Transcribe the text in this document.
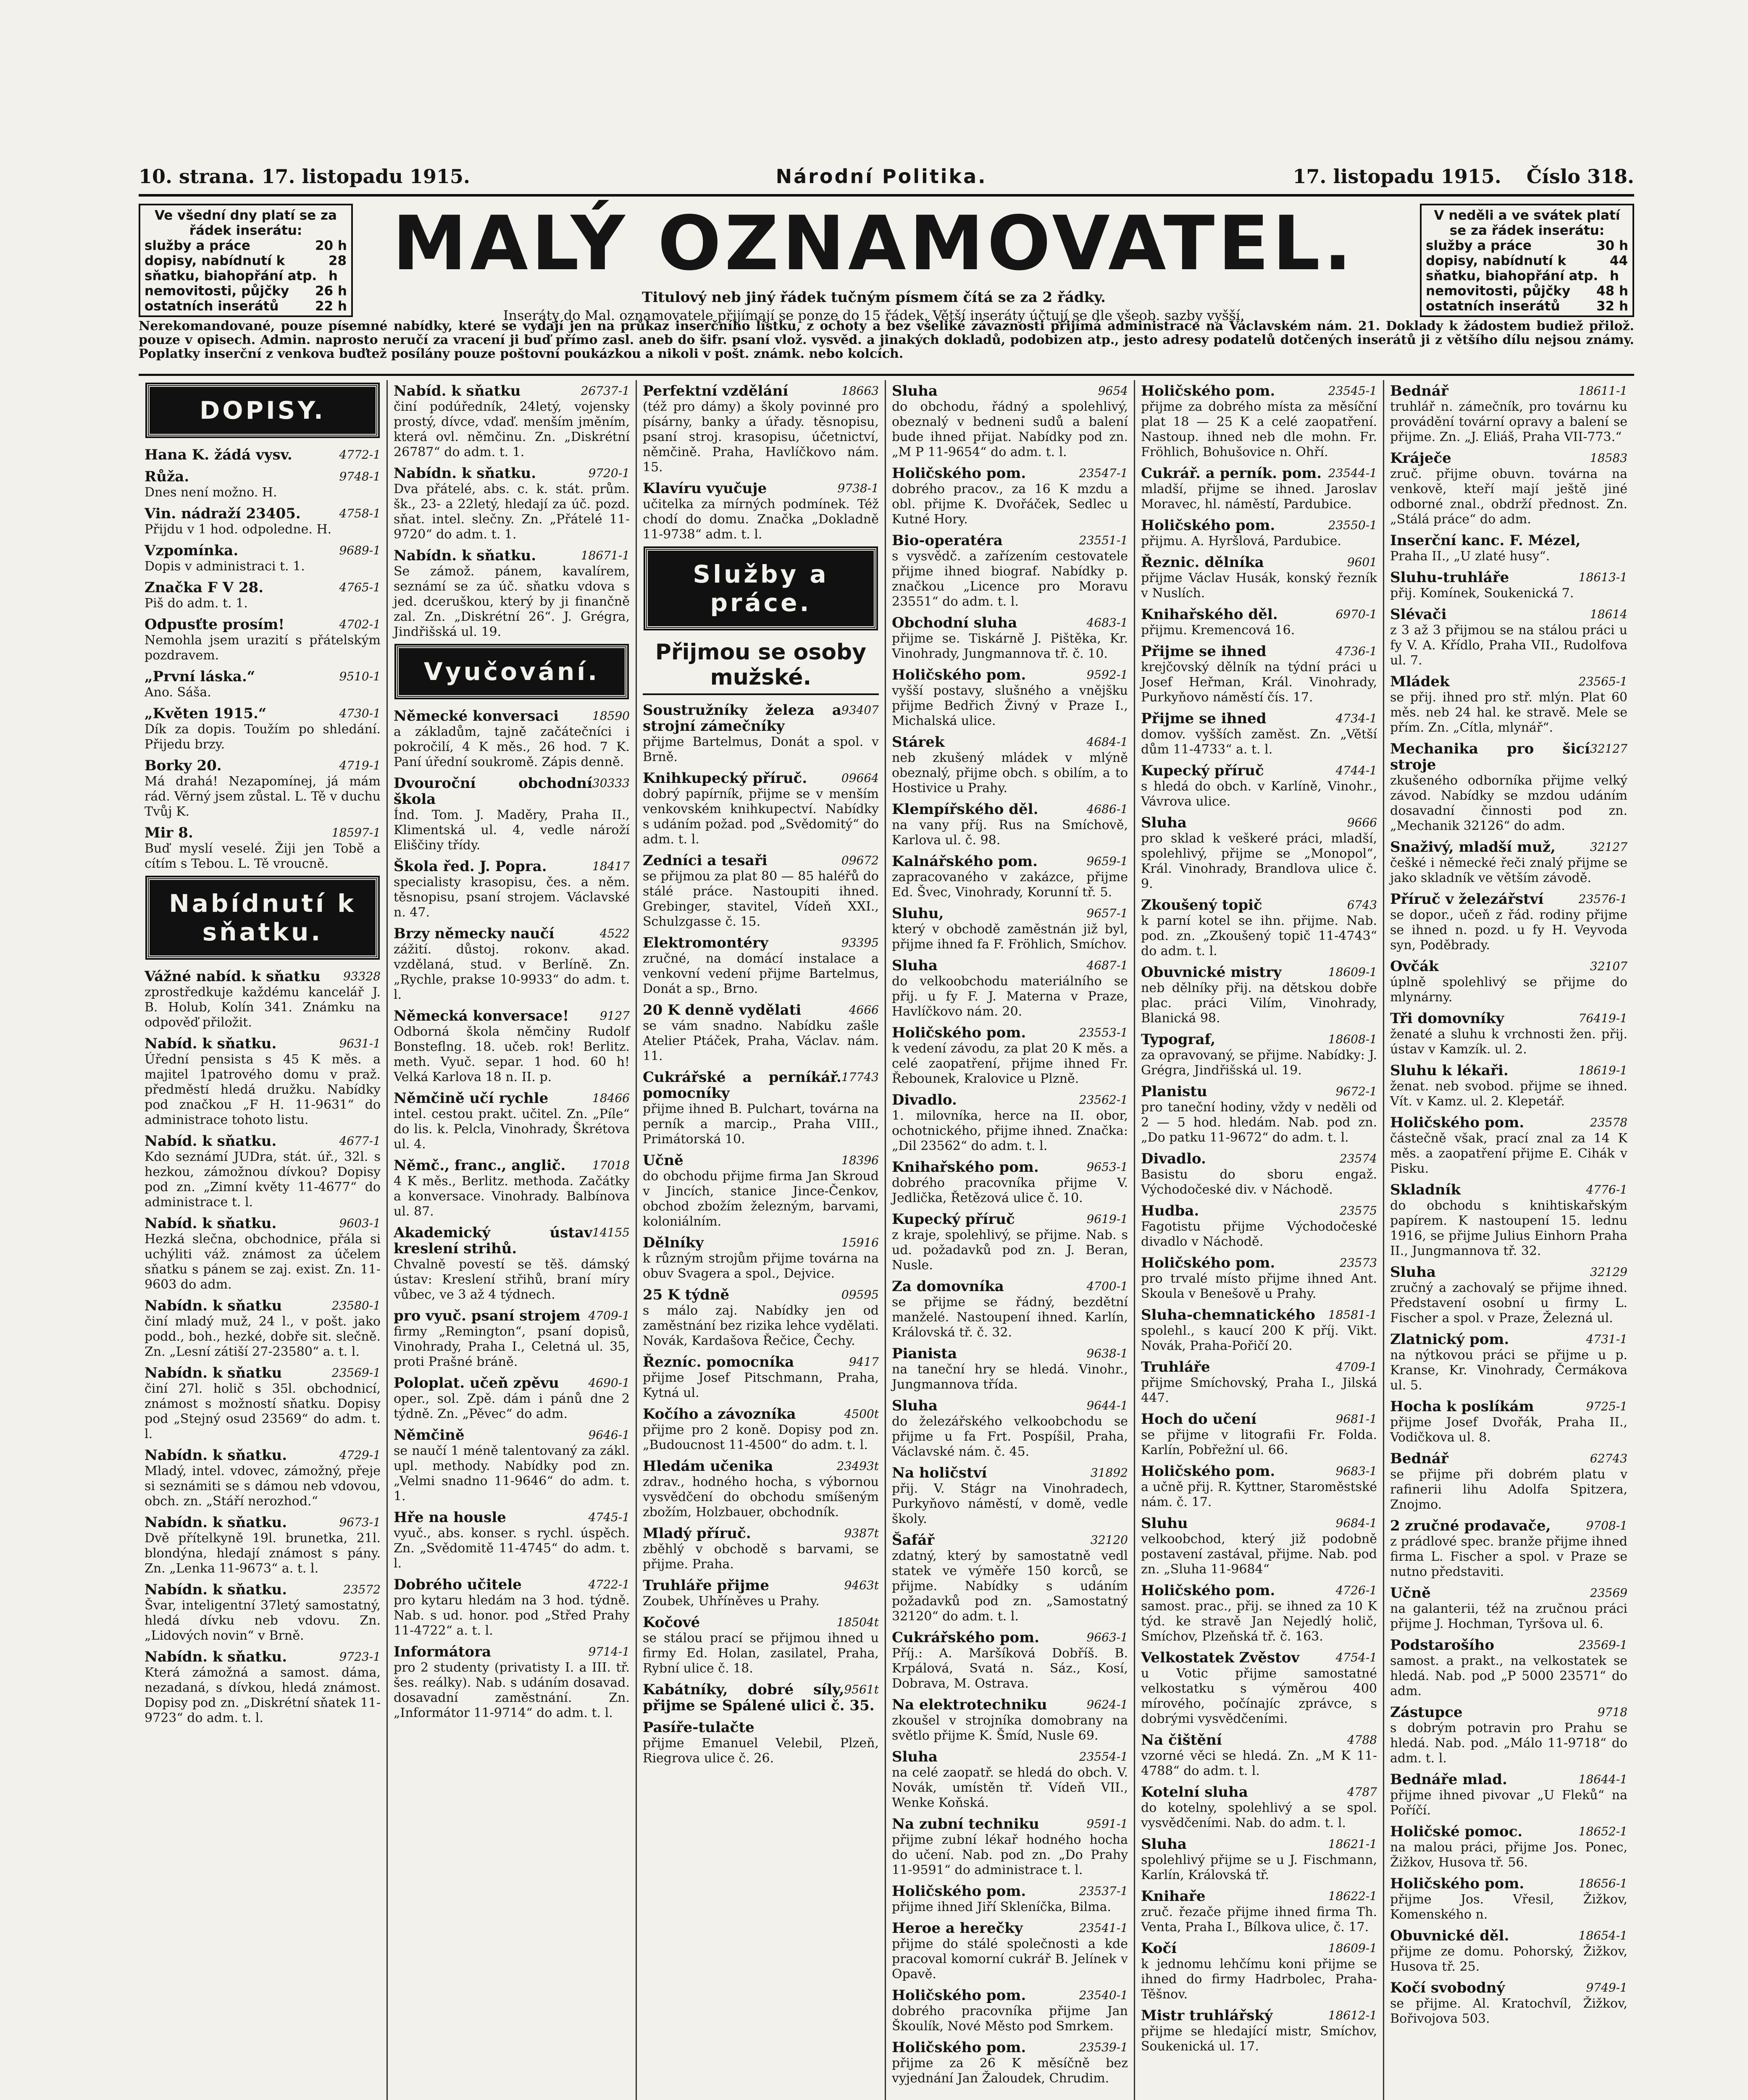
10. strana. 17. listopadu 1915.	Národní Politika.	17. listopadu 1915. Číslo 318.
Ve všední dny platí se za řádek inserátu:
služby a práce	20 h
dopisy, nabídnutí k sňatku, biahopřání atp.
28 h
nemovitosti, půjčky 26 h
ostatních inserátů	22 h
MALÝ OZNAMOVATEL.
Titulový neb jiný řádek tučným písmem čítá se za 2 řádky.
Inseráty do Mal. oznamovatele přijímají se ponze do 15 řádek. Větší inseráty účtují se dle všeob. sazby vyšší.
V neděli a ve svátek platí se za řádek inserátu:
služby a práce	30 h
dopisy, nabídnutí k sňatku, biahopřání atp.
44 h
nemovitosti, půjčky 48 h
ostatních inserátů	32 h
Nerekomandované, pouze písemné nabídky, které se vydají jen na průkaz inserčního lístku, z ochoty a bez všeliké závaznosti přijímá administrace na Václavském nám. 21. Doklady k žádostem budiež přilož. pouze v opisech. Admin. naprosto neručí za vracení ji buď přímo zasl. aneb do šifr. psaní vlož. vysvěd. a jinakých dokladů, podobizen atp., jesto adresy podatelů dotčených inserátů ji z většího dílu nejsou známy. Poplatky inserční z venkova buďtež posílány pouze poštovní poukázkou a nikoli v pošt. známk. nebo kolcích.
DOPISY.
4772-1
Hana K. žádá vysv.
9748-1
Růža.
Dnes není možno. H.
4758-1
Vin. nádraží 23405.
Přijdu v 1 hod. odpoledne. H.
9689-1
Vzpomínka.
Dopis v administraci t. 1.
4765-1
Značka F V 28.
Piš do adm. t. 1.
4702-1
Odpusťte prosím!
Nemohla jsem urazití s přátelským pozdravem.
9510-1
„První láska.“
Ano. Sáša.
4730-1
„Květen 1915.“
Dík za dopis. Toužím po shledání. Přijedu brzy.
4719-1
Borky 20.
Má drahá! Nezapomínej, já mám rád. Věrný jsem zůstal. L. Tě v duchu Tvůj K.
18597-1
Mir 8.
Buď myslí veselé. Žiji jen Tobě a cítím s Tebou. L. Tě vroucně.
Nabídnutí k sňatku.
93328
Vážné nabíd. k sňatku
zprostředkuje každému kancelář J. B. Holub, Kolín 341. Známku na odpověď přiložit.
9631-1
Nabíd. k sňatku.
Úřední pensista s 45 K měs. a majitel 1patrového domu v praž. předměstí hledá družku. Nabídky pod značkou „F H. 11-9631“ do administrace tohoto listu.
4677-1
Nabíd. k sňatku.
Kdo seznámí JUDra, stát. úř., 32l. s hezkou, zámožnou dívkou? Dopisy pod zn. „Zimní květy 11-4677“ do administrace t. l.
9603-1
Nabíd. k sňatku.
Hezká slečna, obchodnice, přála si uchýliti váž. známost za účelem sňatku s pánem se zaj. exist. Zn. 11-9603 do adm.
23580-1
Nabídn. k sňatku
činí mladý muž, 24 l., v pošt. jako podd., boh., hezké, dobře sit. slečně. Zn. „Lesní zátiší 27-23580“ a. t. l.
23569-1
Nabídn. k sňatku
činí 27l. holič s 35l. obchodnicí, známost s možností sňatku. Dopisy pod „Stejný osud 23569“ do adm. t. l.
4729-1
Nabídn. k sňatku.
Mladý, intel. vdovec, zámožný, přeje si seznámiti se s dámou neb vdovou, obch. zn. „Stáří nerozhod.“
9673-1
Nabídn. k sňatku.
Dvě přítelkyně 19l. brunetka, 21l. blondýna, hledají známost s pány. Zn. „Lenka 11-9673“ a. t. l.
23572
Nabídn. k sňatku.
Švar, inteligentní 37letý samostatný, hledá dívku neb vdovu. Zn. „Lidových novin“ v Brně.
9723-1
Nabídn. k sňatku.
Která zámožná a samost. dáma, nezadaná, s dívkou, hledá známost. Dopisy pod zn. „Diskrétní sňatek 11-9723“ do adm. t. l.
26737-1
Nabíd. k sňatku
činí podúředník, 24letý, vojensky prostý, dívce, vdaď. menším jměním, která ovl. němčinu. Zn. „Diskrétní 26787“ do adm. t. 1.
9720-1
Nabídn. k sňatku.
Dva přátelé, abs. c. k. stát. prům. šk., 23- a 22letý, hledají za úč. pozd. sňat. intel. slečny. Zn. „Přátelé 11-9720“ do adm. t. 1.
18671-1
Nabídn. k sňatku.
Se zámož. pánem, kavalírem, seznámí se za úč. sňatku vdova s jed. dceruškou, který by ji finančně zal. Zn. „Diskrétní 26“. J. Grégra, Jindřišská ul. 19.
Vyučování.
18590
Německé konversaci
a základům, tajně začátečníci i pokročilí, 4 K měs., 26 hod. 7 K. Paní úřední soukromě. Zápis denně.
30333
Dvouroční obchodní škola
Índ. Tom. J. Maděry, Praha II., Klimentská ul. 4, vedle nároží Eliščiny třídy.
18417
Škola řed. J. Popra.
specialisty krasopisu, čes. a něm. těsnopisu, psaní strojem. Václavské n. 47.
4522
Brzy německy naučí
zážití. důstoj. rokonv. akad. vzdělaná, stud. v Berlíně. Zn. „Rychle, prakse 10-9933“ do adm. t. l.
9127
Německá konversace!
Odborná škola němčiny Rudolf Bonsteflng. 18. učeb. rok! Berlitz. meth. Vyuč. separ. 1 hod. 60 h! Velká Karlova 18 n. II. p.
18466
Němčině učí rychle
intel. cestou prakt. učitel. Zn. „Píle“ do lis. k. Pelcla, Vinohrady, Škrétova ul. 4.
17018
Němč., franc., anglič.
4 K měs., Berlitz. methoda. Začátky a konversace. Vinohrady. Balbínova ul. 87.
14155
Akademický ústav kreslení strihů.
Chvalně povestí se těš. dámský ústav: Kreslení střihů, braní míry vůbec, ve 3 až 4 týdnech.
4709-1
pro vyuč. psaní strojem
firmy „Remington“, psaní dopisů, Vinohrady, Praha I., Celetná ul. 35, proti Prašné bráně.
4690-1
Poloplat. učeň zpěvu
oper., sol. Zpě. dám i pánů dne 2 týdně. Zn. „Pěvec“ do adm.
9646-1
Němčině
se naučí 1 méně talentovaný za zákl. upl. methody. Nabídky pod zn. „Velmi snadno 11-9646“ do adm. t. 1.
4745-1
Hře na housle
vyuč., abs. konser. s rychl. úspěch. Zn. „Svědomitě 11-4745“ do adm. t. l.
4722-1
Dobrého učitele
pro kytaru hledám na 3 hod. týdně. Nab. s ud. honor. pod „Střed Prahy 11-4722“ a. t. l.
9714-1
Informátora
pro 2 studenty (privatisty I. a III. tř. šes. reálky). Nab. s udáním dosavad. dosavadní zaměstnání. Zn. „Informátor 11-9714“ do adm. t. l.
18663
Perfektní vzdělání
(též pro dámy) a školy povinné pro písárny, banky a úřady. těsnopisu, psaní stroj. krasopisu, účetnictví, němčině. Praha, Havlíčkovo nám. 15.
9738-1
Klavíru vyučuje
učitelka za mírných podmínek. Též chodí do domu. Značka „Dokladně 11-9738“ adm. t. l.
Služby a práce.
Přijmou se osoby mužské.
93407
Soustružníky železa a strojní zámečníky
přijme Bartelmus, Donát a spol. v Brně.
09664
Knihkupecký příruč.
dobrý papírník, přijme se v menším venkovském knihkupectví. Nabídky s udáním požad. pod „Svědomitý“ do adm. t. l.
09672
Zedníci a tesaři
se přijmou za plat 80 — 85 haléřů do stálé práce. Nastoupiti ihned. Grebinger, stavitel, Vídeň XXI., Schulzgasse č. 15.
93395
Elektromontéry
zručné, na domácí instalace a venkovní vedení přijme Bartelmus, Donát a sp., Brno.
4666
20 K denně vydělati
se vám snadno. Nabídku zašle Atelier Ptáček, Praha, Václav. nám. 11.
17743
Cukrářské a perníkář. pomocníky
přijme ihned B. Pulchart, továrna na perník a marcip., Praha VIII., Primátorská 10.
18396
Učně
do obchodu přijme firma Jan Skroud v Jincích, stanice Jince-Čenkov, obchod zbožím železným, barvami, koloniálním.
15916
Dělníky
k různým strojům přijme továrna na obuv Svagera a spol., Dejvice.
09595
25 K týdně
s málo zaj. Nabídky jen od zaměstnání bez rizika lehce vydělati. Novák, Kardašova Řečice, Čechy.
9417
Řezníc. pomocníka
přijme Josef Pitschmann, Praha, Kytná ul.
4500t
Kočího a závozníka
přijme pro 2 koně. Dopisy pod zn. „Budoucnost 11-4500“ do adm. t. l.
23493t
Hledám učenika
zdrav., hodného hocha, s výbornou vysvědčení do obchodu smíšeným zbožím, Holzbauer, obchodník.
9387t
Mladý příruč.
zběhlý v obchodě s barvami, se přijme. Praha.
9463t
Truhláře přijme
Zoubek, Uhříněves u Prahy.
18504t
Kočové
se stálou prací se přijmou ihned u firmy Ed. Holan, zasilatel, Praha, Rybní ulice č. 18.
9561t
Kabátníky, dobré síly, přijme se Spálené ulici č. 35.
Pasíře-tulačte
přijme Emanuel Velebil, Plzeň, Riegrova ulice č. 26.
9654
Sluha
do obchodu, řádný a spolehlivý, obeznalý v bedneni sudů a balení bude ihned přijat. Nabídky pod zn. „M P 11-9654“ do adm. t. l.
23547-1
Holičského pom.
dobrého pracov., za 16 K mzdu a obl. přijme K. Dvořáček, Sedlec u Kutné Hory.
23551-1
Bio-operatéra
s vysvědč. a zařízením cestovatele přijme ihned biograf. Nabídky p. značkou „Licence pro Moravu 23551“ do adm. t. l.
4683-1
Obchodní sluha
přijme se. Tiskárně J. Pištěka, Kr. Vinohrady, Jungmannova tř. č. 10.
9592-1
Holičského pom.
vyšší postavy, slušného a vnějšku přijme Bedřich Živný v Praze I., Michalská ulice.
4684-1
Stárek
neb zkušený mládek v mlýně obeznalý, přijme obch. s obilím, a to Hostivice u Prahy.
4686-1
Klempířského děl.
na vany příj. Rus na Smíchově, Karlova ul. č. 98.
9659-1
Kalnářského pom.
zapracovaného v zakázce, přijme Ed. Švec, Vinohrady, Korunní tř. 5.
9657-1
Sluhu,
který v obchodě zaměstnán již byl, přijme ihned fa F. Fröhlich, Smíchov.
4687-1
Sluha
do velkoobchodu materiálního se přij. u fy F. J. Materna v Praze, Havlíčkovo nám. 20.
23553-1
Holičského pom.
k vedení závodu, za plat 20 K měs. a celé zaopatření, přijme ihned Fr. Řebounek, Kralovice u Plzně.
23562-1
Divadlo.
1. milovníka, herce na II. obor, ochotnického, přijme ihned. Značka: „Dil 23562“ do adm. t. l.
9653-1
Knihařského pom.
dobrého pracovníka přijme V. Jedlička, Řetězová ulice č. 10.
9619-1
Kupecký příruč
z kraje, spolehlivý, se přijme. Nab. s ud. požadavků pod zn. J. Beran, Nusle.
4700-1
Za domovníka
se přijme se řádný, bezdětní manželé. Nastoupení ihned. Karlín, Královská tř. č. 32.
9638-1
Pianista
na taneční hry se hledá. Vinohr., Jungmannova třída.
9644-1
Sluha
do železářského velkoobchodu se přijme u fa Frt. Pospíšil, Praha, Václavské nám. č. 45.
31892
Na holičství
přij. V. Stágr na Vinohradech, Purkyňovo náměstí, v domě, vedle školy.
32120
Šafář
zdatný, který by samostatně vedl statek ve výměře 150 korců, se přijme. Nabídky s udáním požadavků pod zn. „Samostatný 32120“ do adm. t. l.
9663-1
Cukrářského pom.
Příj.: A. Maršíková Dobříš. B. Krpálová, Svatá n. Sáz., Kosí, Dobrava, M. Ostrava.
9624-1
Na elektrotechniku
zkoušel v strojníka domobrany na světlo přijme K. Šmíd, Nusle 69.
23554-1
Sluha
na celé zaopatř. se hledá do obch. V. Novák, umístěn tř. Vídeň VII., Wenke Koňská.
9591-1
Na zubní techniku
přijme zubní lékař hodného hocha do učení. Nab. pod zn. „Do Prahy 11-9591“ do administrace t. l.
23537-1
Holičského pom.
přijme ihned Jiří Skleníčka, Bilma.
23541-1
Heroe a herečky
přijme do stálé společnosti a kde pracoval komorní cukrář B. Jelínek v Opavě.
23540-1
Holičského pom.
dobrého pracovníka přijme Jan Škoulík, Nové Město pod Smrkem.
23539-1
Holičského pom.
přijme za 26 K měsíčně bez vyjednání Jan Žaloudek, Chrudim.
23545-1
Holičského pom.
přijme za dobrého místa za měsíční plat 18 — 25 K a celé zaopatření. Nastoup. ihned neb dle mohn. Fr. Fröhlich, Bohušovice n. Ohří.
23544-1
Cukrář. a perník. pom.
mladší, přijme se ihned. Jaroslav Moravec, hl. náměstí, Pardubice.
23550-1
Holičského pom.
přijmu. A. Hyršlová, Pardubice.
9601
Řeznic. dělníka
přijme Václav Husák, konský řezník v Nuslích.
6970-1
Knihařského děl.
přijmu. Kremencová 16.
4736-1
Přijme se ihned
krejčovský dělník na týdní práci u Josef Heřman, Král. Vinohrady, Purkyňovo náměstí čís. 17.
4734-1
Přijme se ihned
domov. vyšších zaměst. Zn. „Větší dům 11-4733“ a. t. l.
4744-1
Kupecký příruč
s hledá do obch. v Karlíně, Vinohr., Vávrova ulice.
9666
Sluha
pro sklad k veškeré práci, mladší, spolehlivý, přijme se „Monopol“, Král. Vinohrady, Brandlova ulice č. 9.
6743
Zkoušený topič
k parní kotel se ihn. přijme. Nab. pod. zn. „Zkoušený topič 11-4743“ do adm. t. l.
18609-1
Obuvnické mistry
neb dělníky přij. na dětskou dobře plac. práci Vilím, Vinohrady, Blanická 98.
18608-1
Typograf,
za opravovaný, se přijme. Nabídky: J. Grégra, Jindřišská ul. 19.
9672-1
Planistu
pro taneční hodiny, vždy v neděli od 2 — 5 hod. hledám. Nab. pod zn. „Do patku 11-9672“ do adm. t. l.
23574
Divadlo.
Basistu do sboru engaž. Východočeské div. v Náchodě.
23575
Hudba.
Fagotistu přijme Východočeské divadlo v Náchodě.
23573
Holičského pom.
pro trvalé místo přijme ihned Ant. Skoula v Benešově u Prahy.
18581-1
Sluha-chemnatického
spolehl., s kaucí 200 K příj. Vikt. Novák, Praha-Pořičí 20.
4709-1
Truhláře
přijme Smíchovský, Praha I., Jilská 447.
9681-1
Hoch do učení
se přijme v litografii Fr. Folda. Karlín, Pobřežní ul. 66.
9683-1
Holičského pom.
a učně přij. R. Kyttner, Staroměstské nám. č. 17.
9684-1
Sluhu
velkoobchod, který již podobně postavení zastával, přijme. Nab. pod zn. „Sluha 11-9684“
4726-1
Holičského pom.
samost. prac., přij. se ihned za 10 K týd. ke stravě Jan Nejedlý holič, Smíchov, Plzeňská tř. č. 163.
4754-1
Velkostatek Zvěstov
u Votic přijme samostatné velkostatku s výměrou 400 mírového, počínajíc zprávce, s dobrými vysvědčeními.
4788
Na čištění
vzorné věci se hledá. Zn. „M K 11-4788“ do adm. t. l.
4787
Kotelní sluha
do kotelny, spolehlivý a se spol. vysvědčeními. Nab. do adm. t. l.
18621-1
Sluha
spolehlivý přijme se u J. Fischmann, Karlín, Královská tř.
18622-1
Knihaře
zruč. řezače přijme ihned firma Th. Venta, Praha I., Bílkova ulice, č. 17.
18609-1
Kočí
k jednomu lehčímu koni přijme se ihned do firmy Hadrbolec, Praha-Těšnov.
18612-1
Mistr truhlářský
přijme se hledající mistr, Smíchov, Soukenická ul. 17.
18611-1
Bednář
truhlář n. zámečník, pro továrnu ku provádění tovární opravy a balení se přijme. Zn. „J. Eliáš, Praha VII-773.“
18583
Kráječe
zruč. přijme obuvn. továrna na venkově, kteří mají ještě jiné odborné znal., obdrží přednost. Zn. „Stálá práce“ do adm.
Inserční kanc. F. Mézel,
Praha II., „U zlaté husy“.
18613-1
Sluhu-truhláře
přij. Komínek, Soukenická 7.
18614
Slévači
z 3 až 3 přijmou se na stálou práci u fy V. A. Křídlo, Praha VII., Rudolfova ul. 7.
23565-1
Mládek
se přij. ihned pro stř. mlýn. Plat 60 měs. neb 24 hal. ke stravě. Mele se přím. Zn. „Cítla, mlynář“.
32127
Mechanika pro šicí stroje
zkušeného odborníka přijme velký závod. Nabídky se mzdou udáním dosavadní činnosti pod zn. „Mechanik 32126“ do adm.
32127
Snaživý, mladší muž,
češké i německé řeči znalý přijme se jako skladník ve větším závodě.
23576-1
Příruč v železářství
se dopor., učeň z řád. rodiny přijme se ihned n. pozd. u fy H. Veyvoda syn, Poděbrady.
32107
Ovčák
úplně spolehlivý se přijme do mlynárny.
76419-1
Tři domovníky
ženaté a sluhu k vrchnosti žen. přij. ústav v Kamzík. ul. 2.
18619-1
Sluhu k lékaři.
ženat. neb svobod. přijme se ihned. Vít. v Kamz. ul. 2. Klepetář.
23578
Holičského pom.
částečně však, prací znal za 14 K měs. a zaopatření přijme E. Cihák v Pisku.
4776-1
Skladník
do obchodu s knihtiskařským papírem. K nastoupení 15. lednu 1916, se přijme Julius Einhorn Praha II., Jungmannova tř. 32.
32129
Sluha
zručný a zachovalý se přijme ihned. Představení osobní u firmy L. Fischer a spol. v Praze, Železná ul.
4731-1
Zlatnický pom.
na nýtkovou práci se přijme u p. Kranse, Kr. Vinohrady, Čermákova ul. 5.
9725-1
Hocha k poslíkám
přijme Josef Dvořák, Praha II., Vodičkova ul. 8.
62743
Bednář
se přijme při dobrém platu v rafinerii lihu Adolfa Spitzera, Znojmo.
9708-1
2 zručné prodavače,
z prádlové spec. branže přijme ihned firma L. Fischer a spol. v Praze se nutno představiti.
23569
Učně
na galanterii, též na zručnou práci přijme J. Hochman, Tyršova ul. 6.
23569-1
Podstarošího
samost. a prakt., na velkostatek se hledá. Nab. pod „P 5000 23571“ do adm.
9718
Zástupce
s dobrým potravin pro Prahu se hledá. Nab. pod. „Málo 11-9718“ do adm. t. l.
18644-1
Bednáře mlad.
přijme ihned pivovar „U Fleků“ na Poříčí.
18652-1
Holičské pomoc.
na malou práci, přijme Jos. Ponec, Žižkov, Husova tř. 56.
18656-1
Holičského pom.
přijme Jos. Vřesil, Žižkov, Komenského n.
18654-1
Obuvnické děl.
přijme ze domu. Pohorský, Žižkov, Husova tř. 25.
9749-1
Kočí svobodný
se přijme. Al. Kratochvíl, Žižkov, Bořivojova 503.
